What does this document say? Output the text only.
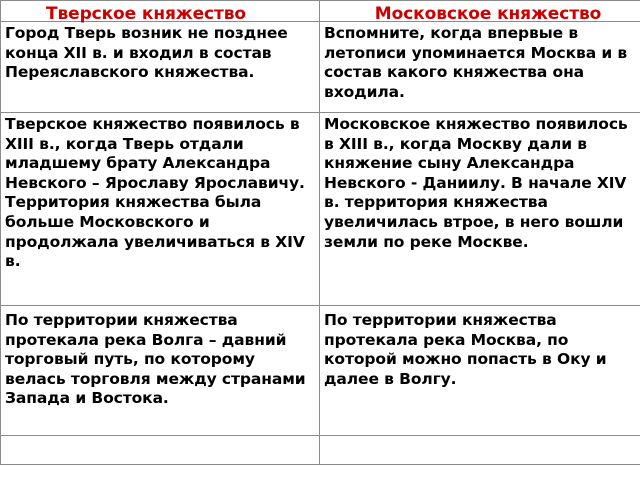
Тверское княжество	Московское княжество

Город Тверь возник не позднее конца XII в. и входил в состав Переяславского княжества.	Вспомните, когда впервые в летописи упоминается Москва и в состав какого княжества она входила.

Тверское княжество появилось в XIII в., когда Тверь отдали младшему брату Александра Невского – Ярославу Ярославичу. Территория княжества была больше Московского и продолжала увеличиваться в XIV в.	Московское княжество появилось в XIII в., когда Москву дали в княжение сыну Александра Невского - Даниилу. В начале XIV в. территория княжества увеличилась втрое, в него вошли земли по реке Москве.

По территории княжества протекала река Волга – давний торговый путь, по которому велась торговля между странами Запада и Востока.	По территории княжества протекала река Москва, по которой можно попасть в Оку и далее в Волгу.
